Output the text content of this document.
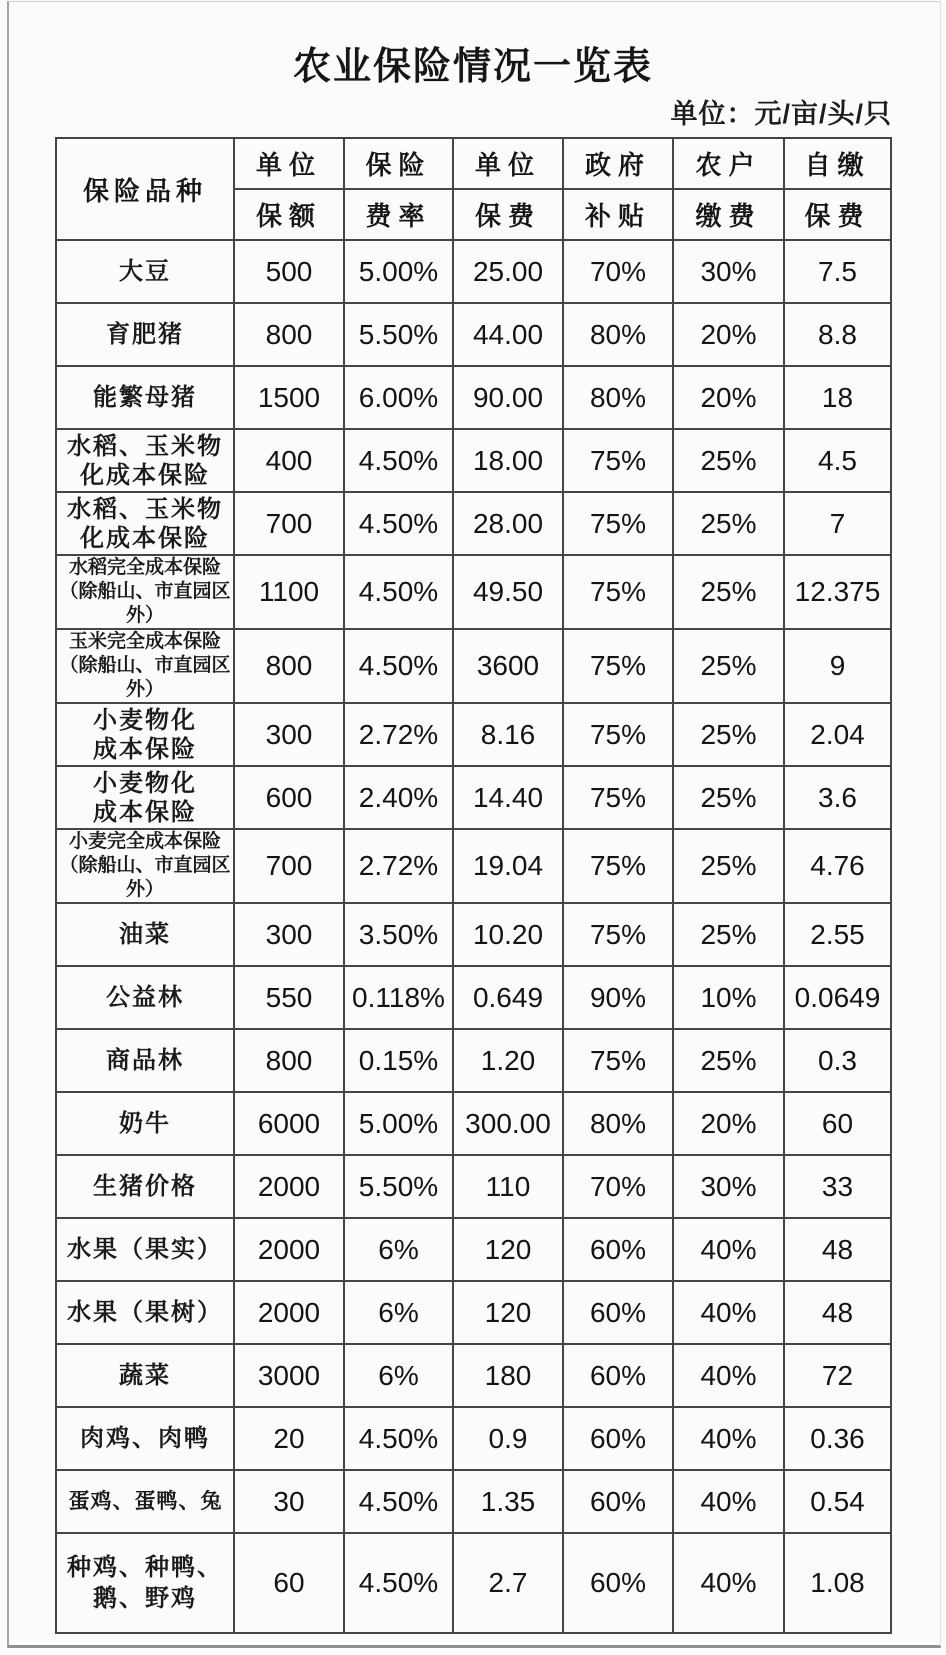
农业保险情况一览表
单位：元/亩/头/只
保险品种	单位	保险	单位	政府	农户	自缴
	保额	费率	保费	补贴	缴费	保费

大豆	500	5.00%	25.00	70%	30%	7.5

育肥猪	800	5.50%	44.00	80%	20%	8.8

能繁母猪	1500	6.00%	90.00	80%	20%	18

水稻、玉米物
化成本保险	400	4.50%	18.00	75%	25%	4.5

水稻、玉米物
化成本保险	700	4.50%	28.00	75%	25%	7

水稻完全成本保险
（除船山、市直园区外）	1100	4.50%	49.50	75%	25%	12.375

玉米完全成本保险
（除船山、市直园区外）	800	4.50%	3600	75%	25%	9

小麦物化
成本保险	300	2.72%	8.16	75%	25%	2.04

小麦物化
成本保险	600	2.40%	14.40	75%	25%	3.6

小麦完全成本保险
（除船山、市直园区外）	700	2.72%	19.04	75%	25%	4.76

油菜	300	3.50%	10.20	75%	25%	2.55

公益林	550	0.118%	0.649	90%	10%	0.0649

商品林	800	0.15%	1.20	75%	25%	0.3

奶牛	6000	5.00%	300.00	80%	20%	60

生猪价格	2000	5.50%	110	70%	30%	33

水果（果实）	2000	6%	120	60%	40%	48

水果（果树）	2000	6%	120	60%	40%	48

蔬菜	3000	6%	180	60%	40%	72

肉鸡、肉鸭	20	4.50%	0.9	60%	40%	0.36

蛋鸡、蛋鸭、兔	30	4.50%	1.35	60%	40%	0.54

种鸡、种鸭、
鹅、野鸡	60	4.50%	2.7	60%	40%	1.08
